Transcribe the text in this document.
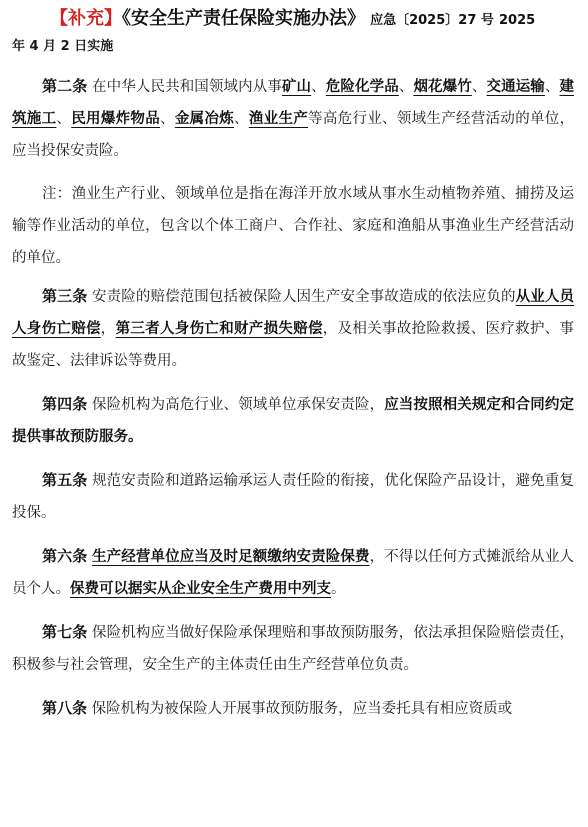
【补充】《安全生产责任保险实施办法》 应急〔2025〕27 号 2025
年 4 月 2 日实施

第二条 在中华人民共和国领域内从事矿山、危险化学品、烟花爆竹、交通运输、建筑施工、民用爆炸物品、金属冶炼、渔业生产等高危行业、领域生产经营活动的单位，应当投保安责险。

注：渔业生产行业、领域单位是指在海洋开放水域从事水生动植物养殖、捕捞及运输等作业活动的单位，包含以个体工商户、合作社、家庭和渔船从事渔业生产经营活动的单位。

第三条 安责险的赔偿范围包括被保险人因生产安全事故造成的依法应负的从业人员人身伤亡赔偿，第三者人身伤亡和财产损失赔偿，及相关事故抢险救援、医疗救护、事故鉴定、法律诉讼等费用。

第四条 保险机构为高危行业、领域单位承保安责险，应当按照相关规定和合同约定提供事故预防服务。

第五条 规范安责险和道路运输承运人责任险的衔接，优化保险产品设计，避免重复投保。

第六条 生产经营单位应当及时足额缴纳安责险保费，不得以任何方式摊派给从业人员个人。保费可以据实从企业安全生产费用中列支。

第七条 保险机构应当做好保险承保理赔和事故预防服务，依法承担保险赔偿责任，积极参与社会管理，安全生产的主体责任由生产经营单位负责。

第八条 保险机构为被保险人开展事故预防服务，应当委托具有相应资质或
